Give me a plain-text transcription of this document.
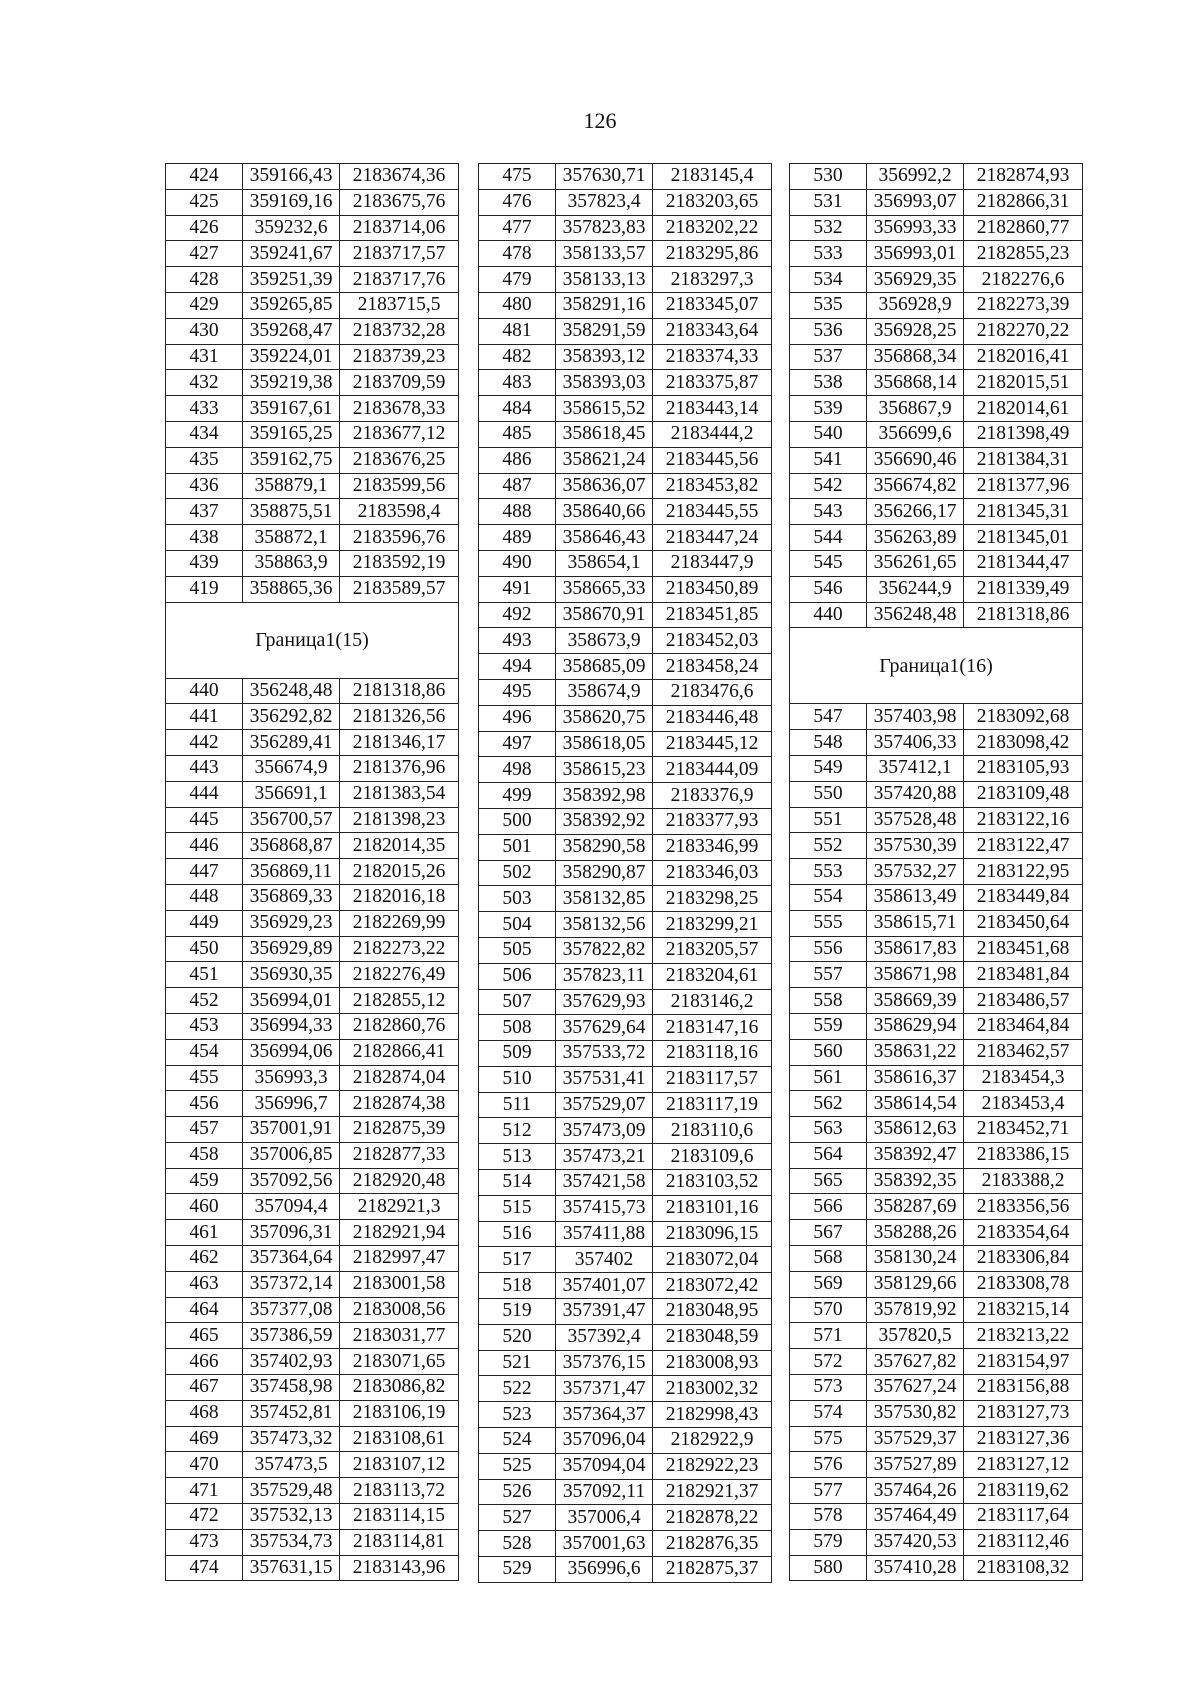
126
424	359166,43	2183674,36
425	359169,16	2183675,76
426	359232,6	2183714,06
427	359241,67	2183717,57
428	359251,39	2183717,76
429	359265,85	2183715,5
430	359268,47	2183732,28
431	359224,01	2183739,23
432	359219,38	2183709,59
433	359167,61	2183678,33
434	359165,25	2183677,12
435	359162,75	2183676,25
436	358879,1	2183599,56
437	358875,51	2183598,4
438	358872,1	2183596,76
439	358863,9	2183592,19
419	358865,36	2183589,57
Граница1(15)		
440	356248,48	2181318,86
441	356292,82	2181326,56
442	356289,41	2181346,17
443	356674,9	2181376,96
444	356691,1	2181383,54
445	356700,57	2181398,23
446	356868,87	2182014,35
447	356869,11	2182015,26
448	356869,33	2182016,18
449	356929,23	2182269,99
450	356929,89	2182273,22
451	356930,35	2182276,49
452	356994,01	2182855,12
453	356994,33	2182860,76
454	356994,06	2182866,41
455	356993,3	2182874,04
456	356996,7	2182874,38
457	357001,91	2182875,39
458	357006,85	2182877,33
459	357092,56	2182920,48
460	357094,4	2182921,3
461	357096,31	2182921,94
462	357364,64	2182997,47
463	357372,14	2183001,58
464	357377,08	2183008,56
465	357386,59	2183031,77
466	357402,93	2183071,65
467	357458,98	2183086,82
468	357452,81	2183106,19
469	357473,32	2183108,61
470	357473,5	2183107,12
471	357529,48	2183113,72
472	357532,13	2183114,15
473	357534,73	2183114,81
474	357631,15	2183143,96
475	357630,71	2183145,4
476	357823,4	2183203,65
477	357823,83	2183202,22
478	358133,57	2183295,86
479	358133,13	2183297,3
480	358291,16	2183345,07
481	358291,59	2183343,64
482	358393,12	2183374,33
483	358393,03	2183375,87
484	358615,52	2183443,14
485	358618,45	2183444,2
486	358621,24	2183445,56
487	358636,07	2183453,82
488	358640,66	2183445,55
489	358646,43	2183447,24
490	358654,1	2183447,9
491	358665,33	2183450,89
492	358670,91	2183451,85
493	358673,9	2183452,03
494	358685,09	2183458,24
495	358674,9	2183476,6
496	358620,75	2183446,48
497	358618,05	2183445,12
498	358615,23	2183444,09
499	358392,98	2183376,9
500	358392,92	2183377,93
501	358290,58	2183346,99
502	358290,87	2183346,03
503	358132,85	2183298,25
504	358132,56	2183299,21
505	357822,82	2183205,57
506	357823,11	2183204,61
507	357629,93	2183146,2
508	357629,64	2183147,16
509	357533,72	2183118,16
510	357531,41	2183117,57
511	357529,07	2183117,19
512	357473,09	2183110,6
513	357473,21	2183109,6
514	357421,58	2183103,52
515	357415,73	2183101,16
516	357411,88	2183096,15
517	357402	2183072,04
518	357401,07	2183072,42
519	357391,47	2183048,95
520	357392,4	2183048,59
521	357376,15	2183008,93
522	357371,47	2183002,32
523	357364,37	2182998,43
524	357096,04	2182922,9
525	357094,04	2182922,23
526	357092,11	2182921,37
527	357006,4	2182878,22
528	357001,63	2182876,35
529	356996,6	2182875,37
530	356992,2	2182874,93
531	356993,07	2182866,31
532	356993,33	2182860,77
533	356993,01	2182855,23
534	356929,35	2182276,6
535	356928,9	2182273,39
536	356928,25	2182270,22
537	356868,34	2182016,41
538	356868,14	2182015,51
539	356867,9	2182014,61
540	356699,6	2181398,49
541	356690,46	2181384,31
542	356674,82	2181377,96
543	356266,17	2181345,31
544	356263,89	2181345,01
545	356261,65	2181344,47
546	356244,9	2181339,49
440	356248,48	2181318,86
Граница1(16)		
547	357403,98	2183092,68
548	357406,33	2183098,42
549	357412,1	2183105,93
550	357420,88	2183109,48
551	357528,48	2183122,16
552	357530,39	2183122,47
553	357532,27	2183122,95
554	358613,49	2183449,84
555	358615,71	2183450,64
556	358617,83	2183451,68
557	358671,98	2183481,84
558	358669,39	2183486,57
559	358629,94	2183464,84
560	358631,22	2183462,57
561	358616,37	2183454,3
562	358614,54	2183453,4
563	358612,63	2183452,71
564	358392,47	2183386,15
565	358392,35	2183388,2
566	358287,69	2183356,56
567	358288,26	2183354,64
568	358130,24	2183306,84
569	358129,66	2183308,78
570	357819,92	2183215,14
571	357820,5	2183213,22
572	357627,82	2183154,97
573	357627,24	2183156,88
574	357530,82	2183127,73
575	357529,37	2183127,36
576	357527,89	2183127,12
577	357464,26	2183119,62
578	357464,49	2183117,64
579	357420,53	2183112,46
580	357410,28	2183108,32
